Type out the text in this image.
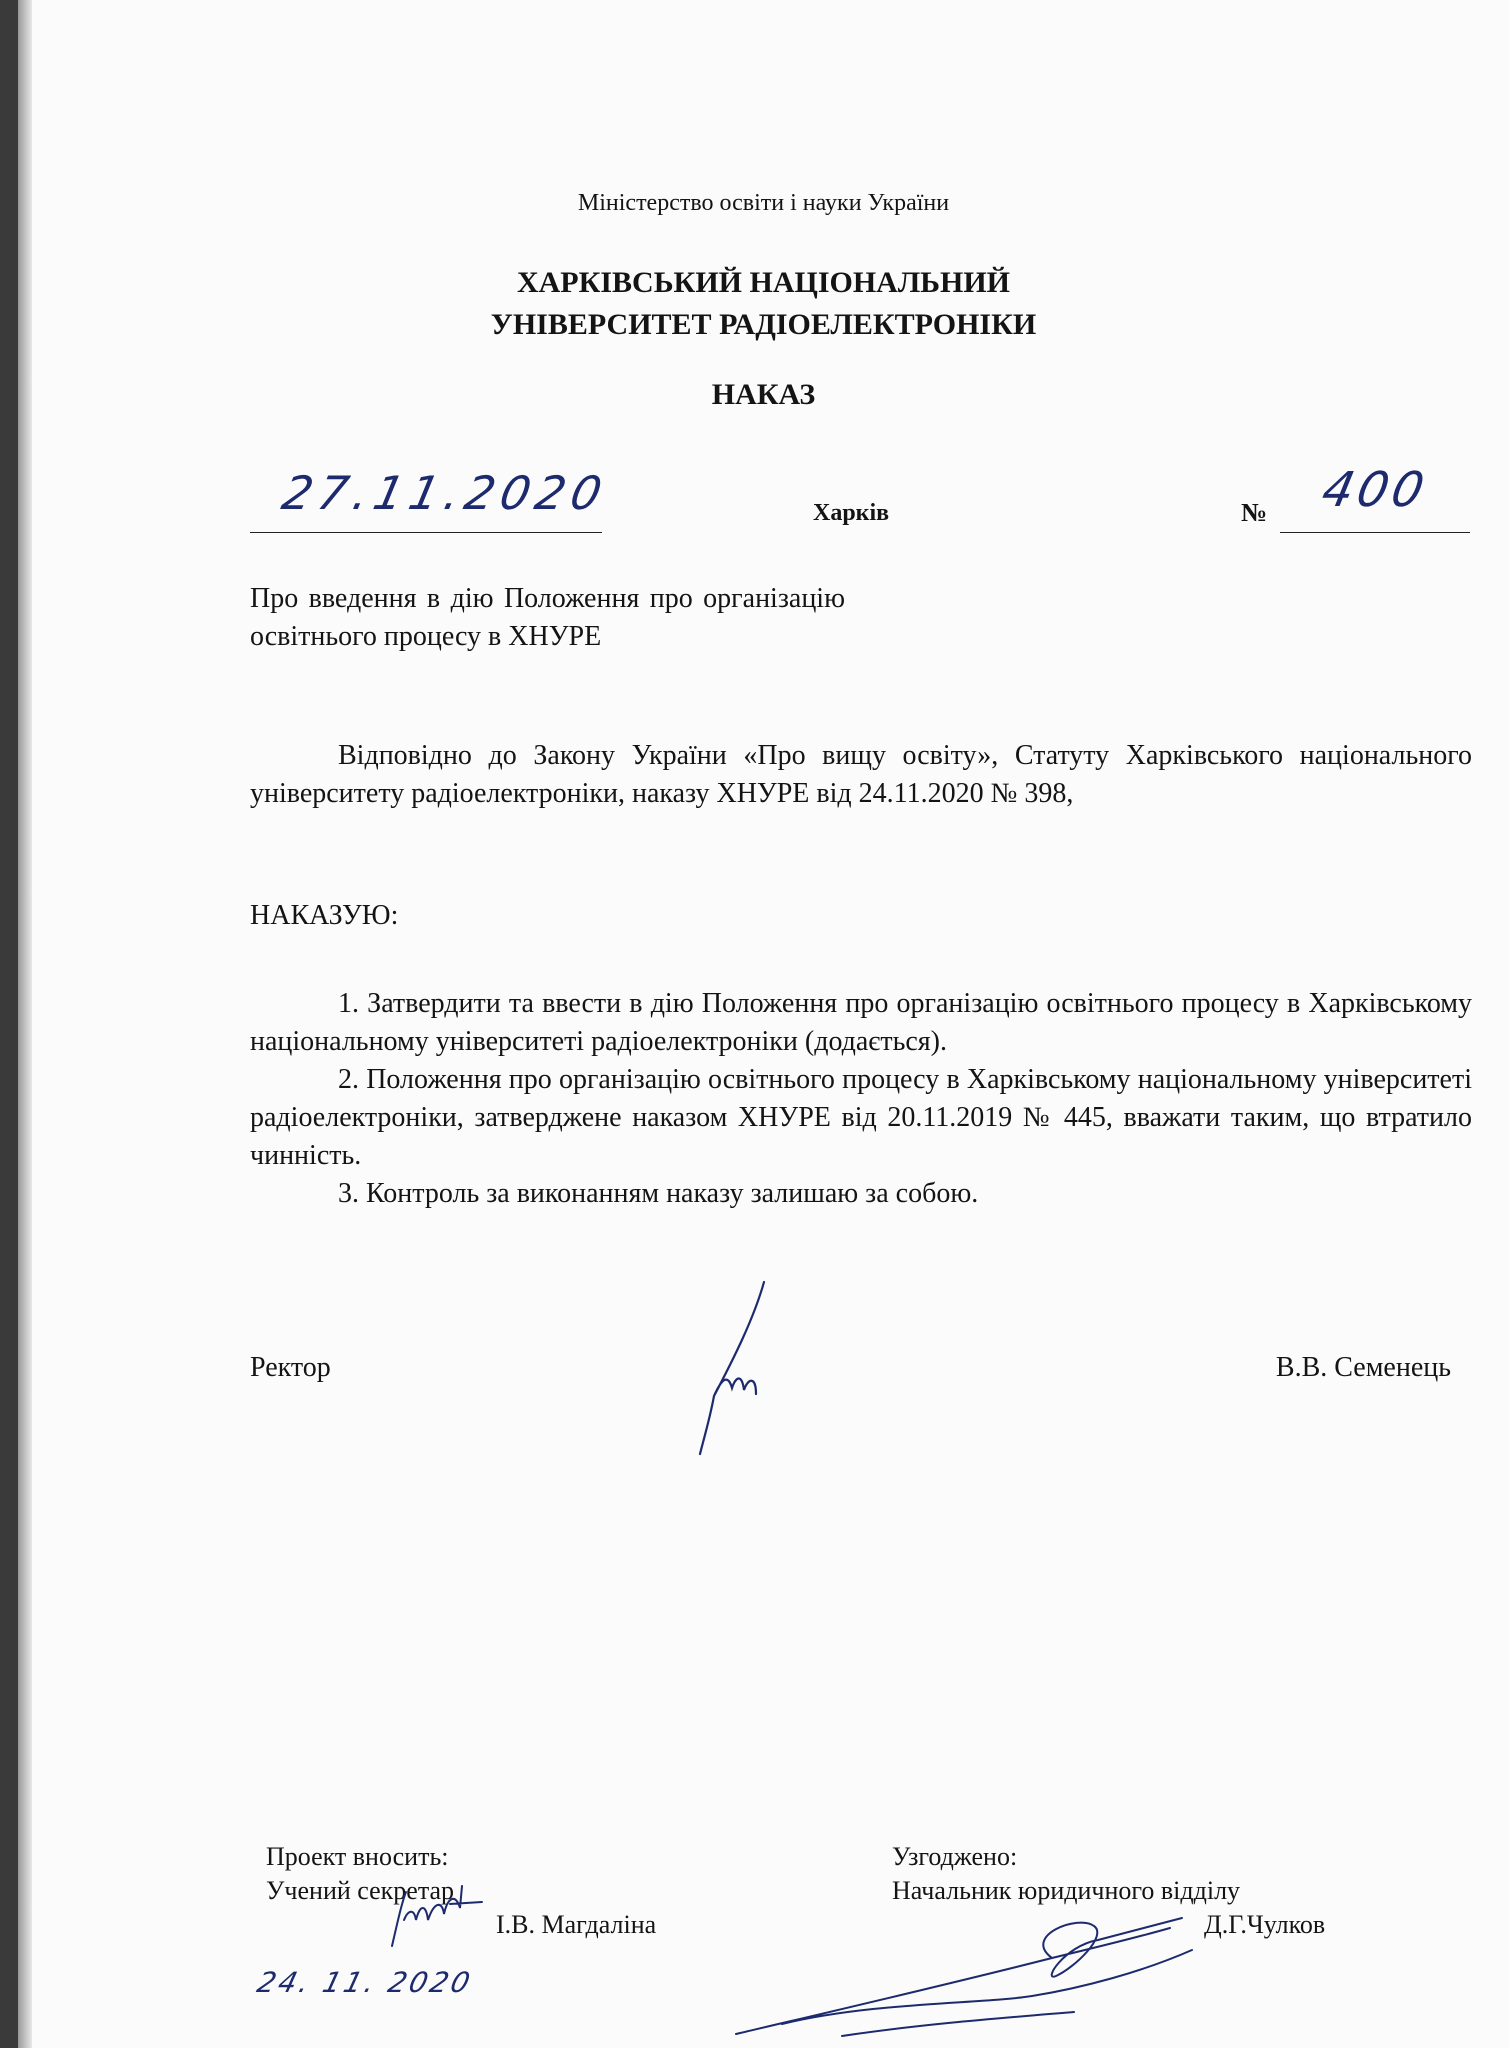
Міністерство освіти і науки України

ХАРКІВСЬКИЙ НАЦІОНАЛЬНИЙ
УНІВЕРСИТЕТ РАДІОЕЛЕКТРОНІКИ

НАКАЗ

27.11.2020	Харків	№	400

Про введення в дію Положення про організацію освітнього процесу в ХНУРЕ

Відповідно до Закону України «Про вищу освіту», Статуту Харківського національного університету радіоелектроніки, наказу ХНУРЕ від 24.11.2020 № 398,

НАКАЗУЮ:

1. Затвердити та ввести в дію Положення про організацію освітнього процесу в Харківському національному університеті радіоелектроніки (додається).

2. Положення про організацію освітнього процесу в Харківському національному університеті радіоелектроніки, затверджене наказом ХНУРЕ від 20.11.2019 № 445, вважати таким, що втратило чинність.

3. Контроль за виконанням наказу залишаю за собою.

Ректор	В.В. Семенець
Проект вносить:
Учений секретар
І.В. Магдаліна
24. 11. 2020
Узгоджено:
Начальник юридичного відділу
Д.Г.Чулков
